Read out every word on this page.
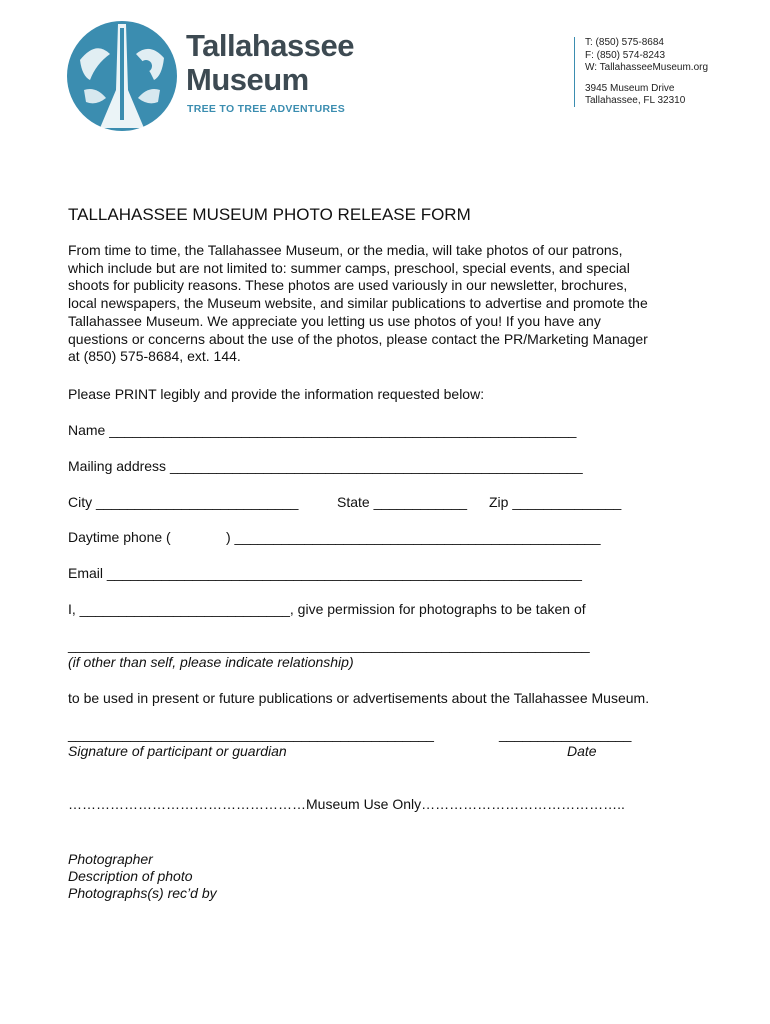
Tallahassee
Museum
TREE TO TREE ADVENTURES
T: (850) 575-8684
F: (850) 574-8243
W: TallahasseeMuseum.org
3945 Museum Drive
Tallahassee, FL 32310
TALLAHASSEE MUSEUM PHOTO RELEASE FORM
From time to time, the Tallahassee Museum, or the media, will take photos of our patrons,
which include but are not limited to: summer camps, preschool, special events, and special
shoots for publicity reasons. These photos are used variously in our newsletter, brochures,
local newspapers, the Museum website, and similar publications to advertise and promote the
Tallahassee Museum. We appreciate you letting us use photos of you! If you have any
questions or concerns about the use of the photos, please contact the PR/Marketing Manager
at (850) 575-8684, ext. 144.
Please PRINT legibly and provide the information requested below:
Name ____________________________________________________________
Mailing address _____________________________________________________
City __________________________	State ____________ Zip ______________
Daytime phone (	) _______________________________________________
Email _____________________________________________________________
I, ___________________________, give permission for photographs to be taken of
___________________________________________________________________
(if other than self, please indicate relationship)
to be used in present or future publications or advertisements about the Tallahassee Museum.
_______________________________________________	_________________
Signature of participant or guardian	Date
……………………………………………Museum Use Only……………………………………..
Photographer
Description of photo
Photographs(s) rec’d by
